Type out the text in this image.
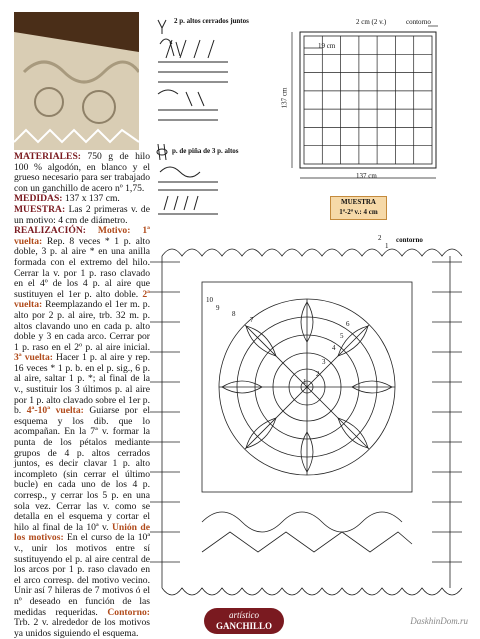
MATERIALES: 750 g de hilo 100 % algodón, en blanco y el grueso necesario para ser trabajado con un ganchillo de acero nº 1,75.

MEDIDAS: 137 x 137 cm.

MUESTRA: Las 2 primeras v. de un motivo: 4 cm de diámetro.

REALIZACIÓN: Motivo: 1ª vuelta: Rep. 8 veces * 1 p. alto doble, 3 p. al aire * en una anilla formada con el extremo del hilo. Cerrar la v. por 1 p. raso clavado en el 4º de los 4 p. al aire que sustituyen el 1er p. alto doble. 2ª vuelta: Reemplazando el 1er m. p. alto por 2 p. al aire, trb. 32 m. p. altos clavando uno en cada p. alto doble y 3 en cada arco. Cerrar por 1 p. raso en el 2º p. al aire inicial. 3ª vuelta: Hacer 1 p. al aire y rep. 16 veces * 1 p. b. en el p. sig., 6 p. al aire, saltar 1 p. *; al final de la v., sustituir los 3 últimos p. al aire por 1 p. alto clavado sobre el 1er p. b. 4ª-10ª vuelta: Guiarse por el esquema y los dib. que lo acompañan. En la 7ª v. formar la punta de los pétalos mediante grupos de 4 p. altos cerrados juntos, es decir clavar 1 p. alto incompleto (sin cerrar el último bucle) en cada uno de los 4 p. corresp., y cerrar los 5 p. en una sola vez. Cerrar las v. como se detalla en el esquema y cortar el hilo al final de la 10ª v. Unión de los motivos: En el curso de la 10ª v., unir los motivos entre sí sustituyendo el p. al aire central de los arcos por 1 p. raso clavado en el arco corresp. del motivo vecino. Unir así 7 hileras de 7 motivos ó el nº deseado en función de las medidas requeridas. Contorno: Trb. 2 v. alrededor de los motivos ya unidos siguiendo el esquema.

2 p. altos cerrados juntos
p. de piña de 3 p. altos
2 cm (2 v.)	contorno
19 cm
137 cm
137 cm
MUESTRA
1ª-2ª v.: 4 cm
2
1
contorno
1
2
3
4
5
6
7
8
9
10
artístico
GANCHILLO	DaskhinDom.ru
